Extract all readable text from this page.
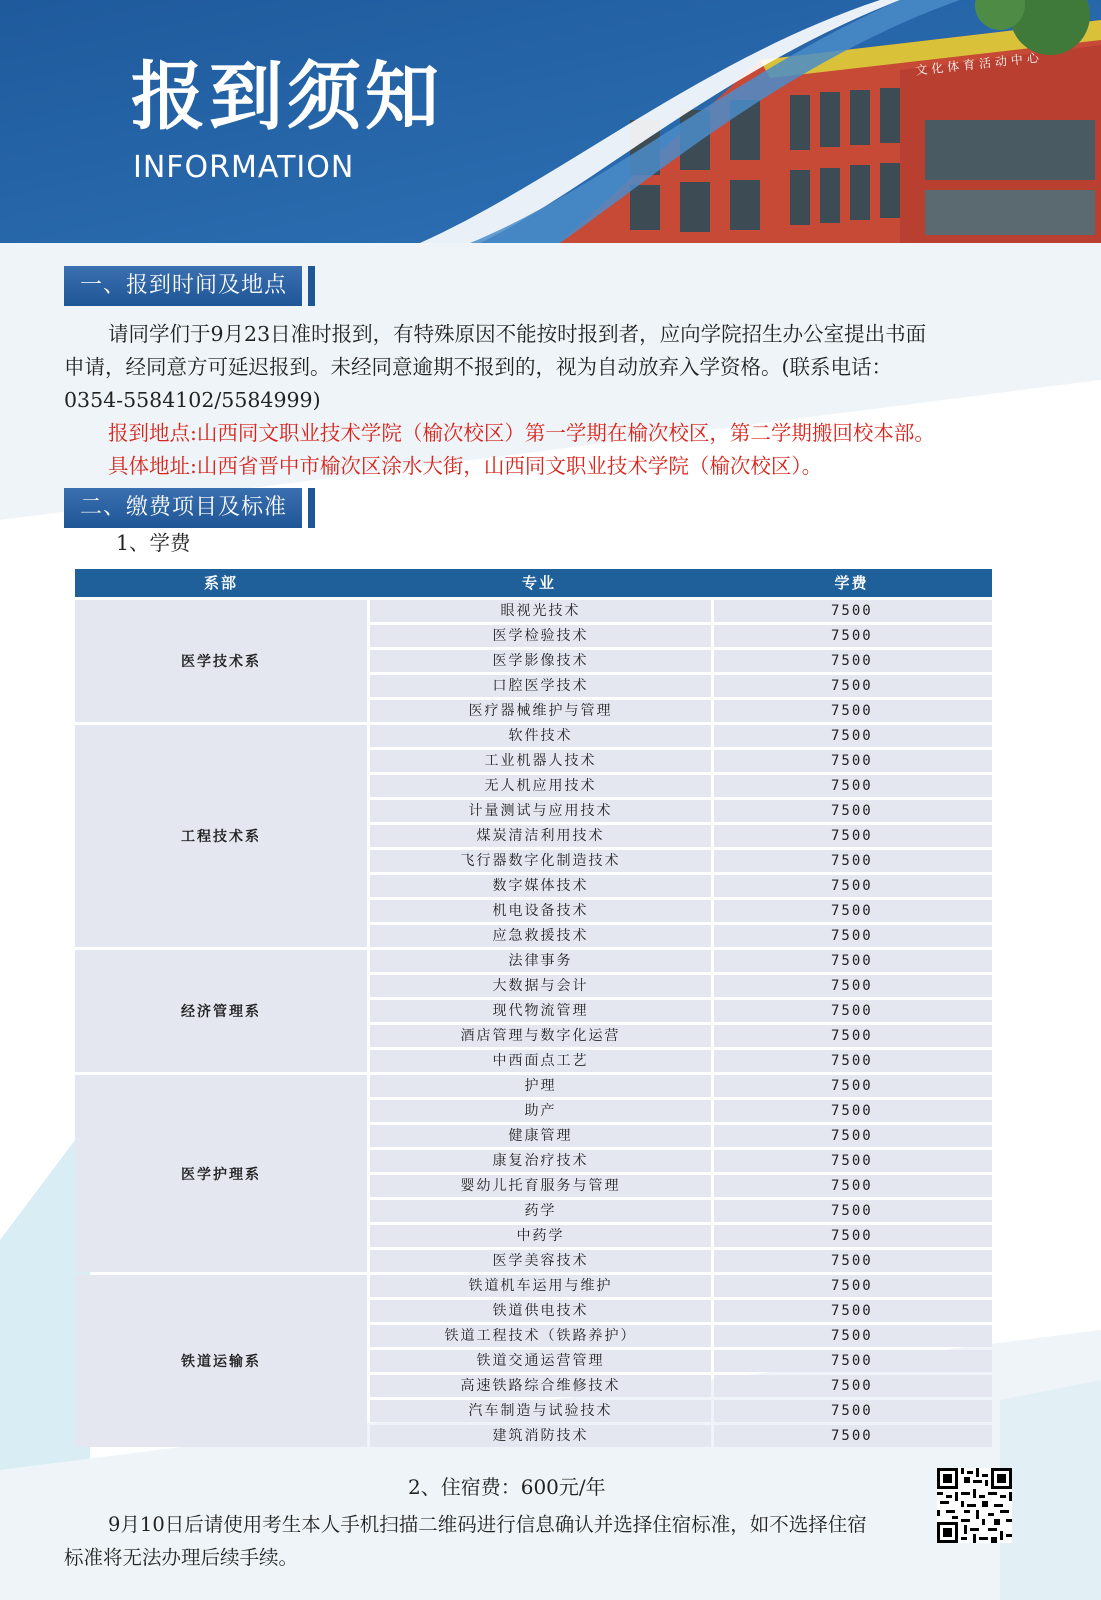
报到须知
INFORMATION
文化体育活动中心
一、报到时间及地点
请同学们于9月23日准时报到，有特殊原因不能按时报到者，应向学院招生办公室提出书面
申请，经同意方可延迟报到。未经同意逾期不报到的，视为自动放弃入学资格。(联系电话：
0354-5584102/5584999)
报到地点:山西同文职业技术学院（榆次校区）第一学期在榆次校区，第二学期搬回校本部。
具体地址:山西省晋中市榆次区涂水大街，山西同文职业技术学院（榆次校区）。
二、缴费项目及标准
1、学费
系部	专业	学费
医学技术系
眼视光技术	7500
医学检验技术	7500
医学影像技术	7500
口腔医学技术	7500
医疗器械维护与管理	7500
工程技术系
软件技术	7500
工业机器人技术	7500
无人机应用技术	7500
计量测试与应用技术	7500
煤炭清洁利用技术	7500
飞行器数字化制造技术	7500
数字媒体技术	7500
机电设备技术	7500
应急救援技术	7500
经济管理系
法律事务	7500
大数据与会计	7500
现代物流管理	7500
酒店管理与数字化运营	7500
中西面点工艺	7500
医学护理系
护理	7500
助产	7500
健康管理	7500
康复治疗技术	7500
婴幼儿托育服务与管理	7500
药学	7500
中药学	7500
医学美容技术	7500
铁道运输系
铁道机车运用与维护	7500
铁道供电技术	7500
铁道工程技术（铁路养护）	7500
铁道交通运营管理	7500
高速铁路综合维修技术	7500
汽车制造与试验技术	7500
建筑消防技术	7500
2、住宿费：600元/年
9月10日后请使用考生本人手机扫描二维码进行信息确认并选择住宿标准，如不选择住宿
标准将无法办理后续手续。
